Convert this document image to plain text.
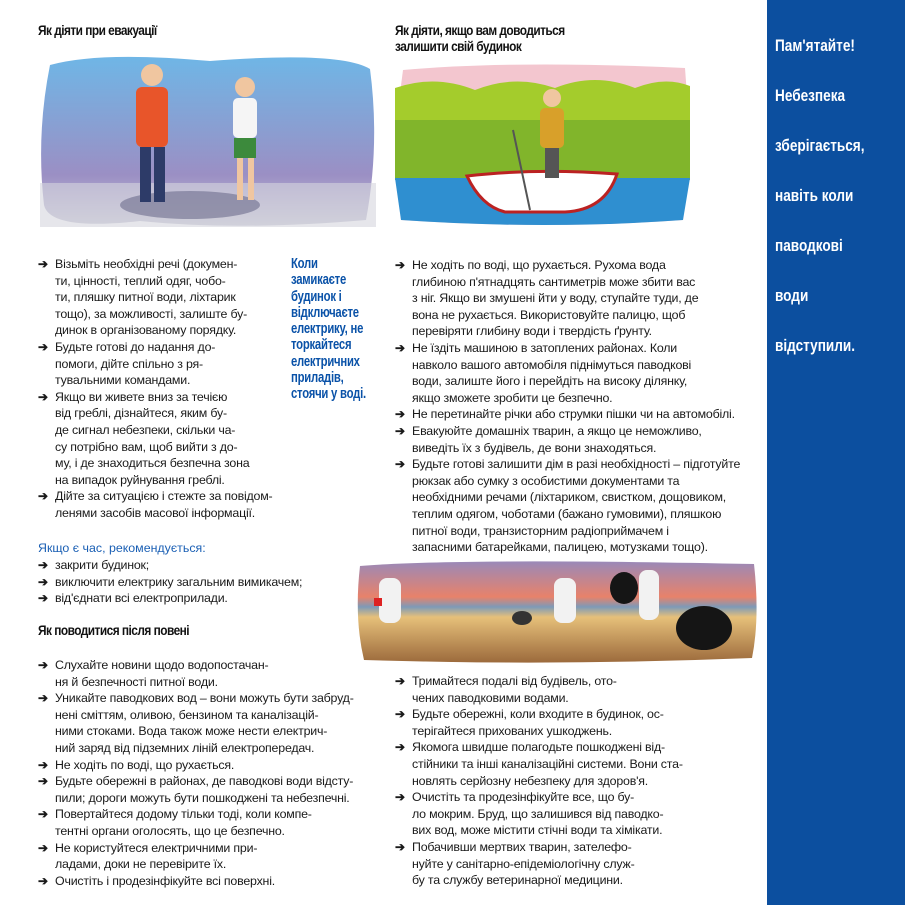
Як діяти при евакуації	Як діяти, якщо вам доводиться
залишити свій будинок
➔ Візьміть необхідні речі (докумен-
ти, цінності, теплий одяг, чобо-
ти, пляшку питної води, ліхтарик
тощо), за можливості, залиште бу-
динок в організованому порядку.
➔ Будьте готові до надання до-
помоги, дійте спільно з ря-
тувальними командами.
➔ Якщо ви живете вниз за течією
від греблі, дізнайтеся, яким бу-
де сигнал небезпеки, скільки ча-
су потрібно вам, щоб вийти з до-
му, і де знаходиться безпечна зона
на випадок руйнування греблі.
➔ Дійте за ситуацією і стежте за повідом-
ленями засобів масової інформації.
Коли
замикаєте
будинок і
відключаєте
електрику, не
торкайтеся
електричних
приладів,
стоячи у воді.
Якщо є час, рекомендується:
➔ закрити будинок;
➔ виключити електрику загальним вимикачем;
➔ від'єднати всі електроприлади.
Як поводитися після повені
➔ Слухайте новини щодо водопостачан-
ня й безпечності питної води.
➔ Уникайте паводкових вод – вони можуть бути забруд-
нені сміттям, оливою, бензином та каналізацій-
ними стоками. Вода також може нести електрич-
ний заряд від підземних ліній електропередач.
➔ Не ходіть по воді, що рухається.
➔ Будьте обережні в районах, де паводкові води відсту-
пили; дороги можуть бути пошкоджені та небезпечні.
➔ Повертайтеся додому тільки тоді, коли компе-
тентні органи оголосять, що це безпечно.
➔ Не користуйтеся електричними при-
ладами, доки не перевірите їх.
➔ Очистіть і продезінфікуйте всі поверхні.
➔ Не ходіть по воді, що рухається. Рухома вода
глибиною п'ятнадцять сантиметрів може збити вас
з ніг. Якщо ви змушені йти у воду, ступайте туди, де
вона не рухається. Використовуйте палицю, щоб
перевіряти глибину води і твердість ґрунту.
➔ Не їздіть машиною в затоплених районах. Коли
навколо вашого автомобіля піднімуться паводкові
води, залиште його і перейдіть на високу ділянку,
якщо зможете зробити це безпечно.
➔ Не перетинайте річки або струмки пішки чи на автомобілі.
➔ Евакуюйте домашніх тварин, а якщо це неможливо,
виведіть їх з будівель, де вони знаходяться.
➔ Будьте готові залишити дім в разі необхідності – підготуйте
рюкзак або сумку з особистими документами та
необхідними речами (ліхтариком, свистком, дощовиком,
теплим одягом, чоботами (бажано гумовими), пляшкою
питної води, транзисторним радіоприймачем і
запасними батарейками, палицею, мотузками тощо).
➔ Тримайтеся подалі від будівель, ото-
чених паводковими водами.
➔ Будьте обережні, коли входите в будинок, ос-
терігайтеся прихованих ушкоджень.
➔ Якомога швидше полагодьте пошкоджені від-
стійники та інші каналізаційні системи. Вони ста-
новлять серйозну небезпеку для здоров'я.
➔ Очистіть та продезінфікуйте все, що бу-
ло мокрим. Бруд, що залишився від паводко-
вих вод, може містити стічні води та хімікати.
➔ Побачивши мертвих тварин, зателефо-
нуйте у санітарно-епідеміологічну служ-
бу та службу ветеринарної медицини.
Пам'ятайте!
Небезпека
зберігається,
навіть коли
паводкові
води
відступили.
